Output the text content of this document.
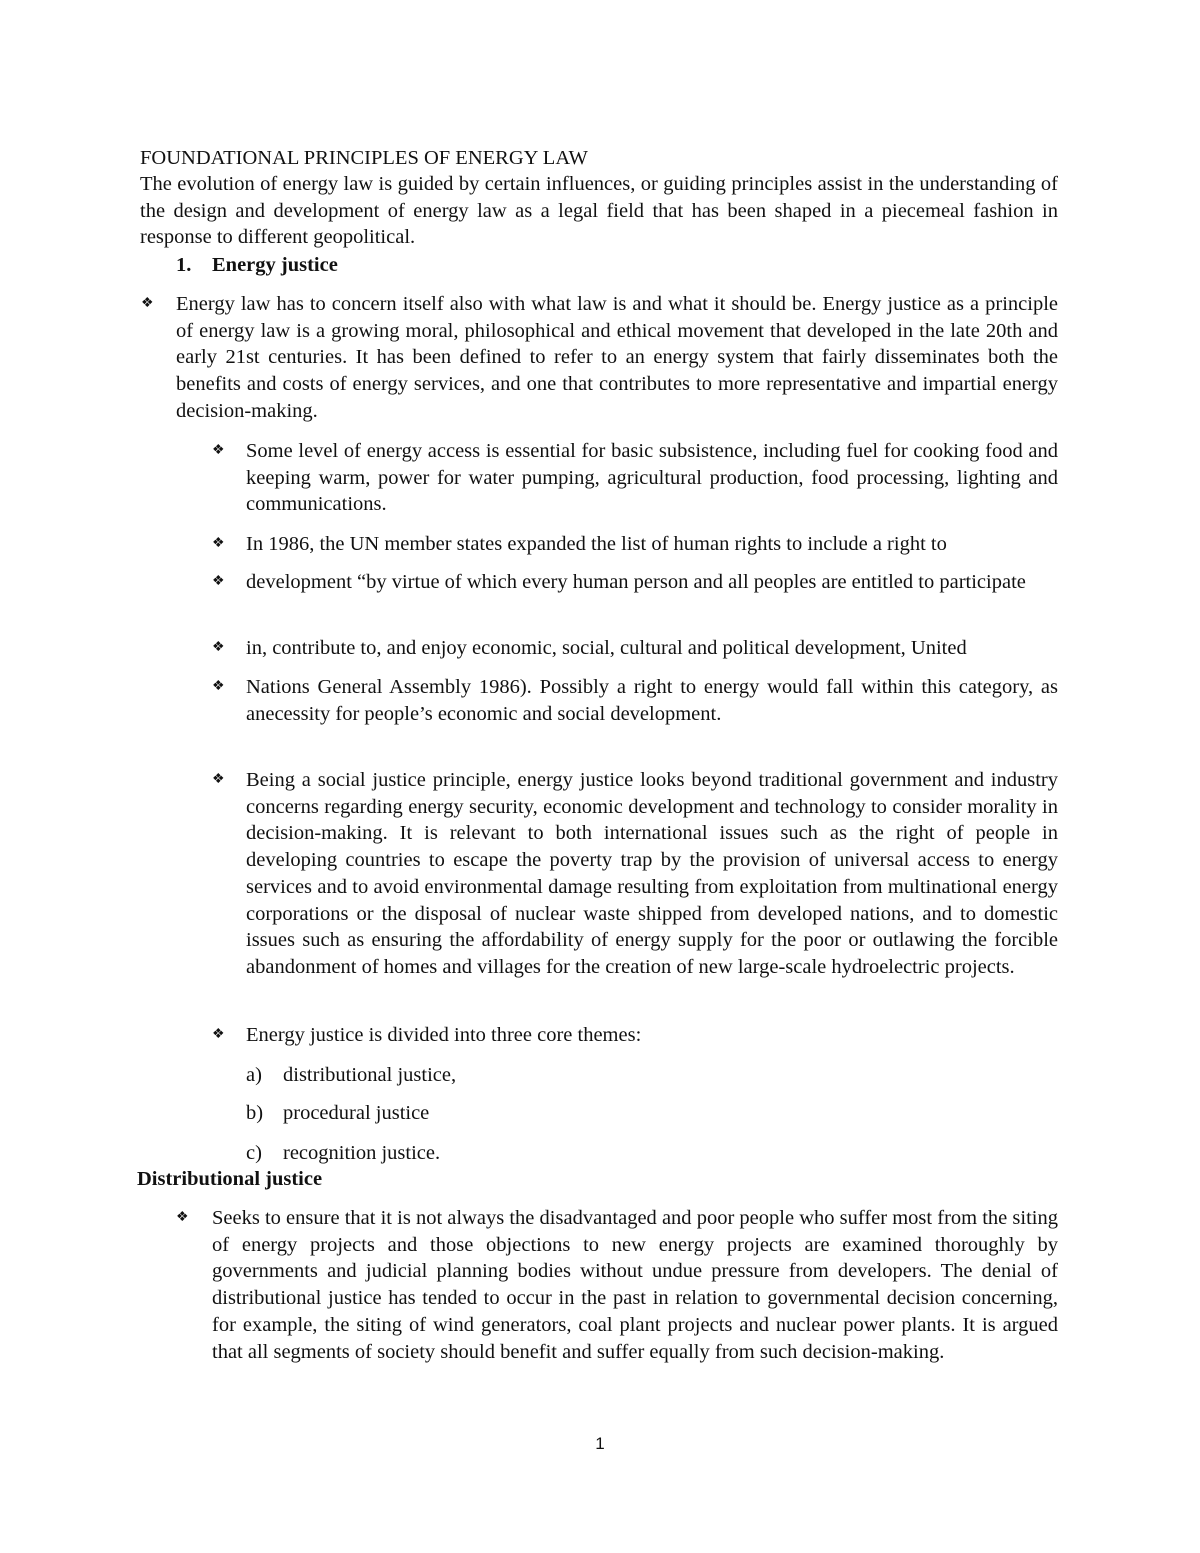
FOUNDATIONAL PRINCIPLES OF ENERGY LAW
The evolution of energy law is guided by certain influences, or guiding principles assist in the understanding of the design and development of energy law as a legal field that has been shaped in a piecemeal fashion in response to different geopolitical.
1. Energy justice
❖ Energy law has to concern itself also with what law is and what it should be. Energy justice as a principle of energy law is a growing moral, philosophical and ethical movement that developed in the late 20th and early 21st centuries. It has been defined to refer to an energy system that fairly disseminates both the benefits and costs of energy services, and one that contributes to more representative and impartial energy decision-making.
❖ Some level of energy access is essential for basic subsistence, including fuel for cooking food and keeping warm, power for water pumping, agricultural production, food processing, lighting and communications.
❖ In 1986, the UN member states expanded the list of human rights to include a right to
❖ development “by virtue of which every human person and all peoples are entitled to participate
❖ in, contribute to, and enjoy economic, social, cultural and political development, United
❖ Nations General Assembly 1986). Possibly a right to energy would fall within this category, as anecessity for people’s economic and social development.
❖ Being a social justice principle, energy justice looks beyond traditional government and industry concerns regarding energy security, economic development and technology to consider morality in decision-making. It is relevant to both international issues such as the right of people in developing countries to escape the poverty trap by the provision of universal access to energy services and to avoid environmental damage resulting from exploitation from multinational energy corporations or the disposal of nuclear waste shipped from developed nations, and to domestic issues such as ensuring the affordability of energy supply for the poor or outlawing the forcible abandonment of homes and villages for the creation of new large-scale hydroelectric projects.
❖ Energy justice is divided into three core themes:
a) distributional justice,
b) procedural justice
c) recognition justice.
Distributional justice
❖ Seeks to ensure that it is not always the disadvantaged and poor people who suffer most from the siting of energy projects and those objections to new energy projects are examined thoroughly by governments and judicial planning bodies without undue pressure from developers. The denial of distributional justice has tended to occur in the past in relation to governmental decision concerning, for example, the siting of wind generators, coal plant projects and nuclear power plants. It is argued that all segments of society should benefit and suffer equally from such decision-making.
1
